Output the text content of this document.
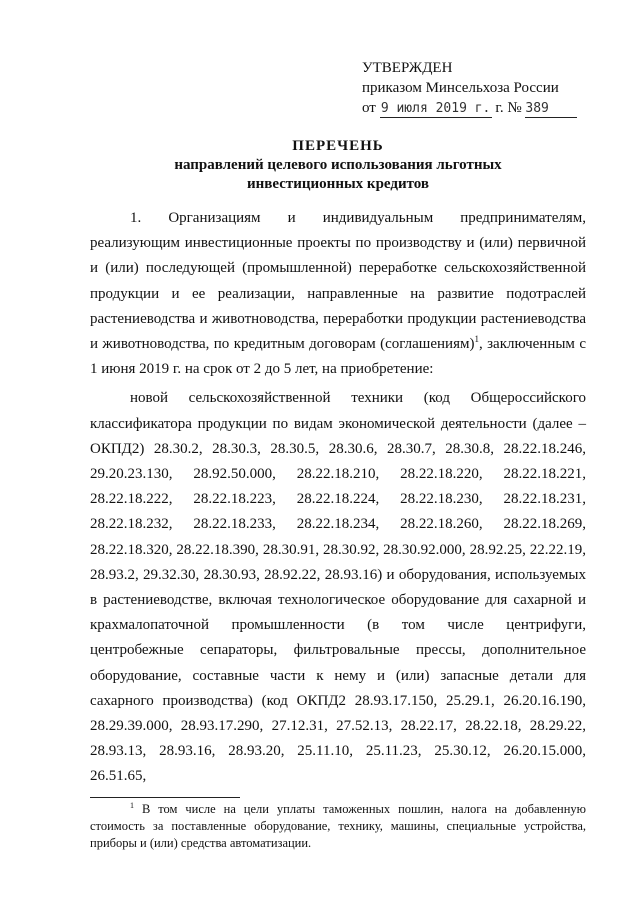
УТВЕРЖДЕН
приказом Минсельхоза России
от 9 июля 2019 г. г. № 389
ПЕРЕЧЕНЬ
направлений целевого использования льготных
инвестиционных кредитов

1. Организациям и индивидуальным предпринимателям, реализующим инвестиционные проекты по производству и (или) первичной и (или) последующей (промышленной) переработке сельскохозяйственной продукции и ее реализации, направленные на развитие подотраслей растениеводства и животноводства, переработки продукции растениеводства и животноводства, по кредитным договорам (соглашениям)$^1$, заключенным с 1 июня 2019 г. на срок от 2 до 5 лет, на приобретение:

новой сельскохозяйственной техники (код Общероссийского классификатора продукции по видам экономической деятельности (далее – ОКПД2) 28.30.2, 28.30.3, 28.30.5, 28.30.6, 28.30.7, 28.30.8, 28.22.18.246, 29.20.23.130, 28.92.50.000, 28.22.18.210, 28.22.18.220, 28.22.18.221, 28.22.18.222, 28.22.18.223, 28.22.18.224, 28.22.18.230, 28.22.18.231, 28.22.18.232, 28.22.18.233, 28.22.18.234, 28.22.18.260, 28.22.18.269, 28.22.18.320, 28.22.18.390, 28.30.91, 28.30.92, 28.30.92.000, 28.92.25, 22.22.19, 28.93.2, 29.32.30, 28.30.93, 28.92.22, 28.93.16) и оборудования, используемых в растениеводстве, включая технологическое оборудование для сахарной и крахмалопаточной промышленности (в том числе центрифуги, центробежные сепараторы, фильтровальные прессы, дополнительное оборудование, составные части к нему и (или) запасные детали для сахарного производства) (код ОКПД2 28.93.17.150, 25.29.1, 26.20.16.190, 28.29.39.000, 28.93.17.290, 27.12.31, 27.52.13, 28.22.17, 28.22.18, 28.29.22, 28.93.13, 28.93.16, 28.93.20, 25.11.10, 25.11.23, 25.30.12, 26.20.15.000, 26.51.65,

$^1$ В том числе на цели уплаты таможенных пошлин, налога на добавленную стоимость за поставленные оборудование, технику, машины, специальные устройства, приборы и (или) средства автоматизации.
